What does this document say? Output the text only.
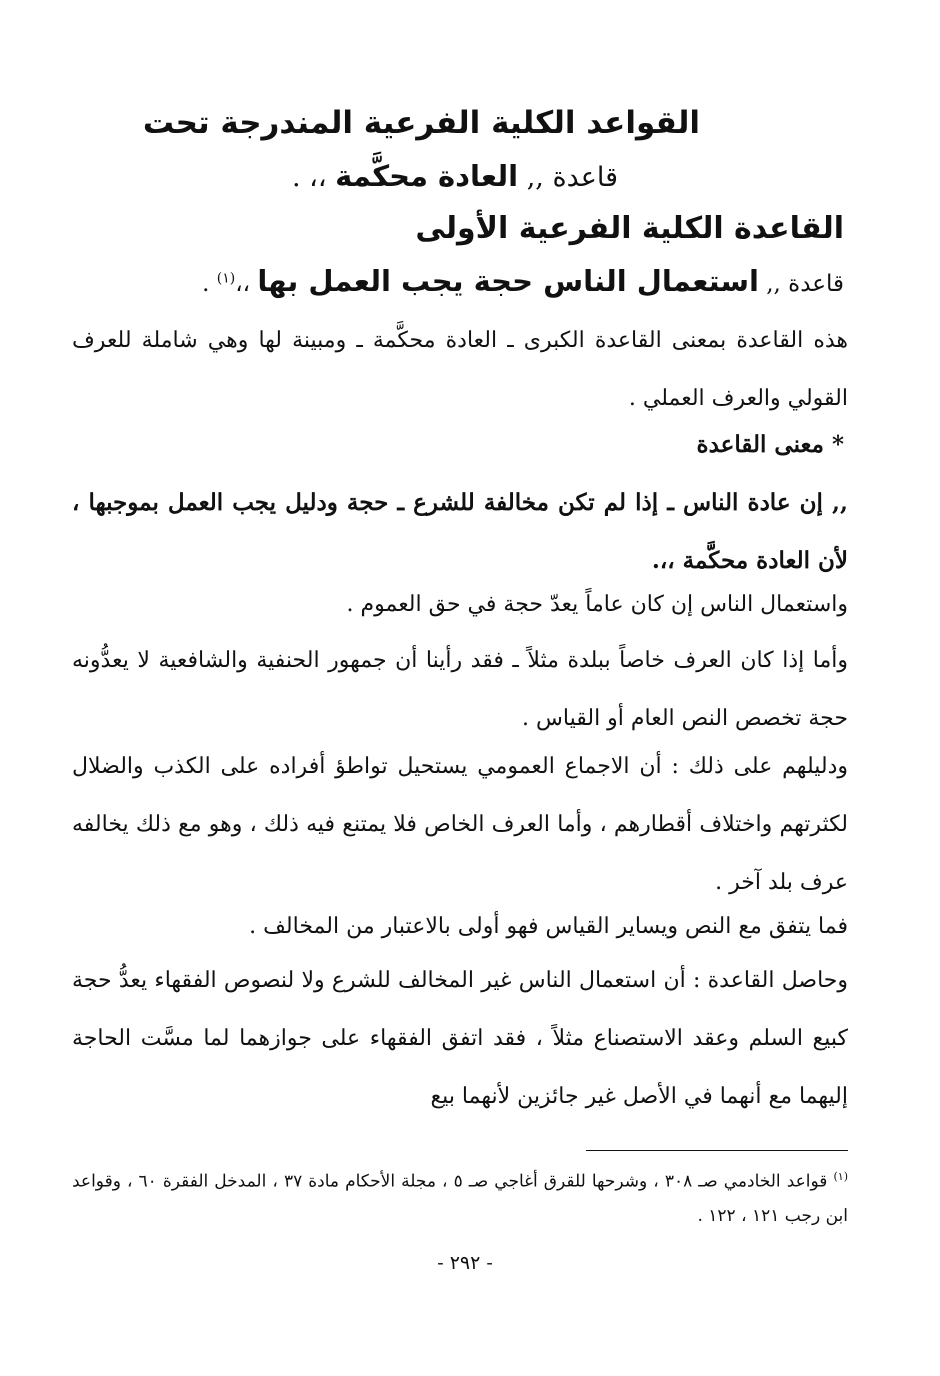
القواعد الكلية الفرعية المندرجة تحت
قاعدة ,, العادة محكَّمة ،، .
القاعدة الكلية الفرعية الأولى
قاعدة ,, استعمال الناس حجة يجب العمل بها ،،$^{(١)}$ .
هذه القاعدة بمعنى القاعدة الكبرى ـ العادة محكَّمة ـ ومبينة لها وهي شاملة للعرف القولي والعرف العملي .
* معنى القاعدة
,, إن عادة الناس ـ إذا لم تكن مخالفة للشرع ـ حجة ودليل يجب العمل بموجبها ، لأن العادة محكَّمة ،،.
واستعمال الناس إن كان عاماً يعدّ حجة في حق العموم .
وأما إذا كان العرف خاصاً ببلدة مثلاً ـ فقد رأينا أن جمهور الحنفية والشافعية لا يعدُّونه حجة تخصص النص العام أو القياس .
ودليلهم على ذلك : أن الاجماع العمومي يستحيل تواطؤ أفراده على الكذب والضلال لكثرتهم واختلاف أقطارهم ، وأما العرف الخاص فلا يمتنع فيه ذلك ، وهو مع ذلك يخالفه عرف بلد آخر .
فما يتفق مع النص ويساير القياس فهو أولى بالاعتبار من المخالف .
وحاصل القاعدة : أن استعمال الناس غير المخالف للشرع ولا لنصوص الفقهاء يعدُّ حجة كبيع السلم وعقد الاستصناع مثلاً ، فقد اتفق الفقهاء على جوازهما لما مسَّت الحاجة إليهما مع أنهما في الأصل غير جائزين لأنهما بيع
$^{(١)}$ قواعد الخادمي صـ ٣٠٨ ، وشرحها للقرق أغاجي صـ ٥ ، مجلة الأحكام مادة ٣٧ ، المدخل الفقرة ٦٠ ، وقواعد ابن رجب ١٢١ ، ١٢٢ .
- ٢٩٢ -
